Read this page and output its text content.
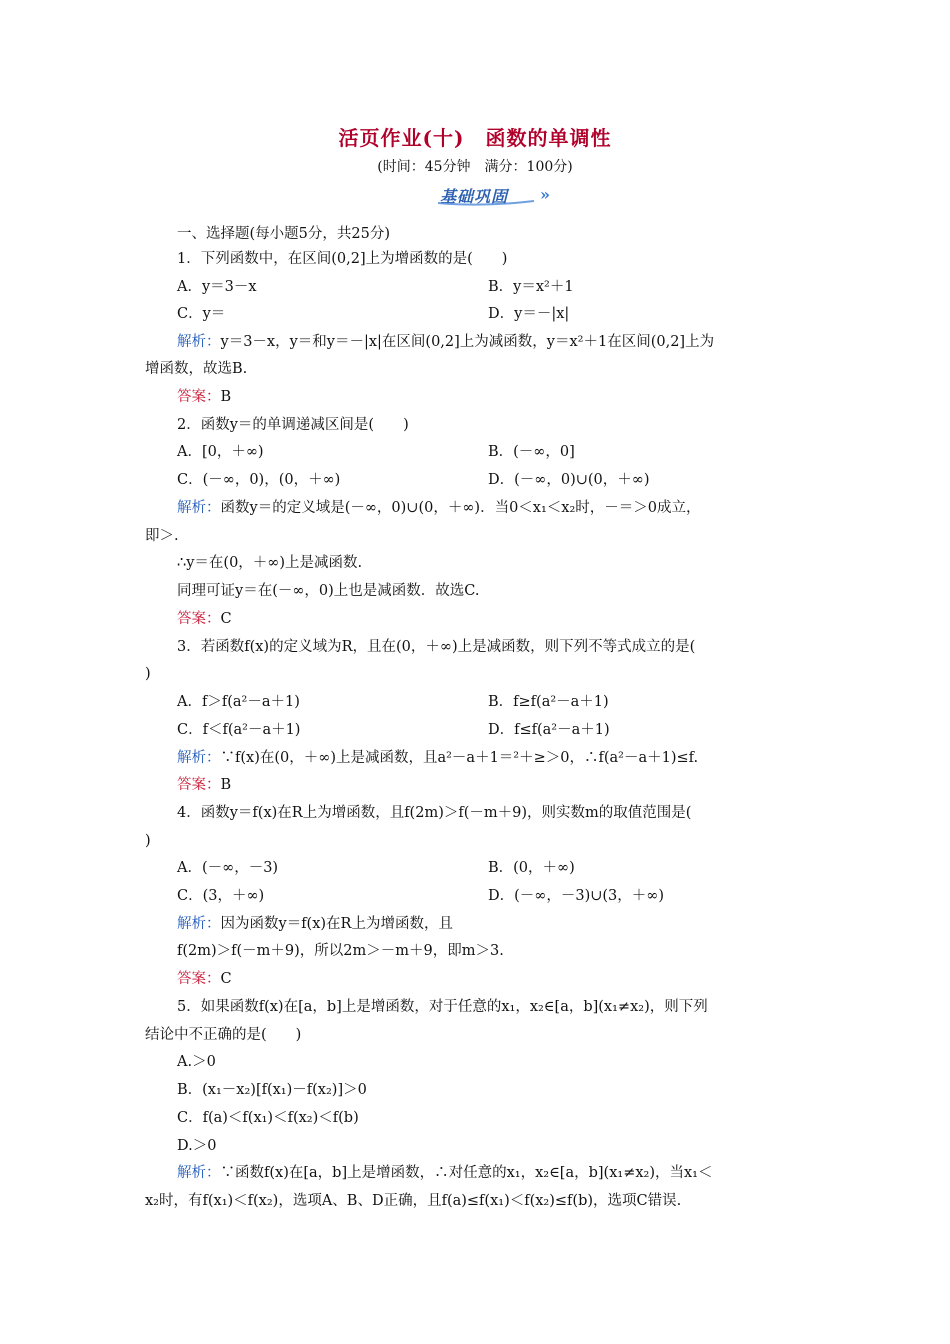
活页作业(十)　函数的单调性
(时间：45分钟　满分：100分)
基础巩固 »
一、选择题(每小题5分，共25分)
1．下列函数中，在区间(0,2]上为增函数的是(　　)
A．y＝3－x	B．y＝x²＋1
C．y＝	D．y＝－|x|
解析：y＝3－x，y＝和y＝－|x|在区间(0,2]上为减函数，y＝x²＋1在区间(0,2]上为
增函数，故选B.
答案：B
2．函数y＝的单调递减区间是(　　)
A．[0，＋∞)	B．(－∞，0]
C．(－∞，0)，(0，＋∞)	D．(－∞，0)∪(0，＋∞)
解析：函数y＝的定义域是(－∞，0)∪(0，＋∞)．当0＜x₁＜x₂时，－＝＞0成立，
即＞.
∴y＝在(0，＋∞)上是减函数.
同理可证y＝在(－∞，0)上也是减函数．故选C.
答案：C
3．若函数f(x)的定义域为R，且在(0，＋∞)上是减函数，则下列不等式成立的是(
)
A．f＞f(a²－a＋1)	B．f≥f(a²－a＋1)
C．f＜f(a²－a＋1)	D．f≤f(a²－a＋1)
解析：∵f(x)在(0，＋∞)上是减函数，且a²－a＋1＝²＋≥＞0，∴f(a²－a＋1)≤f.
答案：B
4．函数y＝f(x)在R上为增函数，且f(2m)＞f(－m＋9)，则实数m的取值范围是(
)
A．(－∞，－3)	B．(0，＋∞)
C．(3，＋∞)	D．(－∞，－3)∪(3，＋∞)
解析：因为函数y＝f(x)在R上为增函数，且
f(2m)＞f(－m＋9)，所以2m＞－m＋9，即m＞3.
答案：C
5．如果函数f(x)在[a，b]上是增函数，对于任意的x₁，x₂∈[a，b](x₁≠x₂)，则下列
结论中不正确的是(　　)
A.＞0
B．(x₁－x₂)[f(x₁)－f(x₂)]＞0
C．f(a)＜f(x₁)＜f(x₂)＜f(b)
D.＞0
解析：∵函数f(x)在[a，b]上是增函数，∴对任意的x₁，x₂∈[a，b](x₁≠x₂)，当x₁＜
x₂时，有f(x₁)＜f(x₂)，选项A、B、D正确，且f(a)≤f(x₁)＜f(x₂)≤f(b)，选项C错误.
